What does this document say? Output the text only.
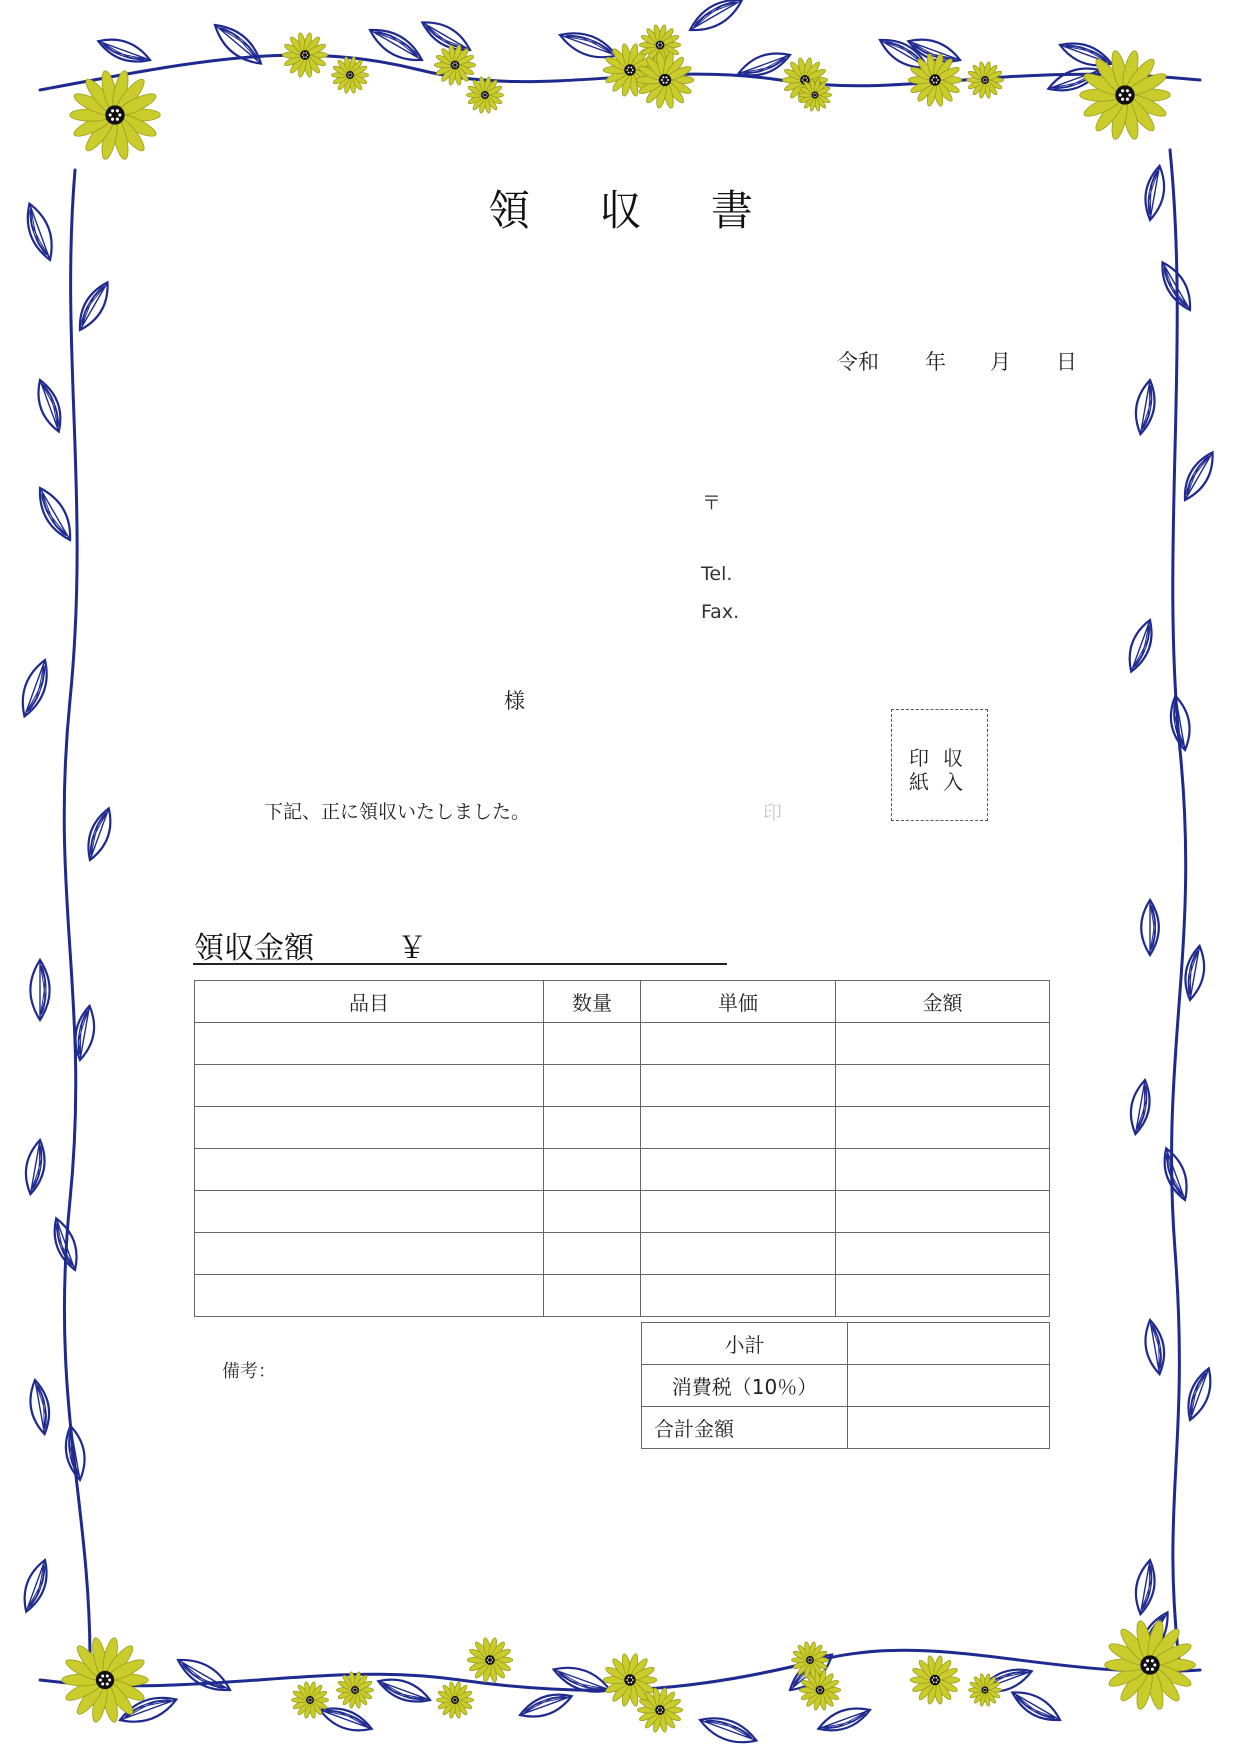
領 収 書
令和 年 月 日
〒
Tel.
Fax.
様
下記、正に領収いたしました。	印
収入
印紙
領収金額	￥
品目	数量	単価	金額

備考：
小計	
消費税（10％）	
合計金額	
